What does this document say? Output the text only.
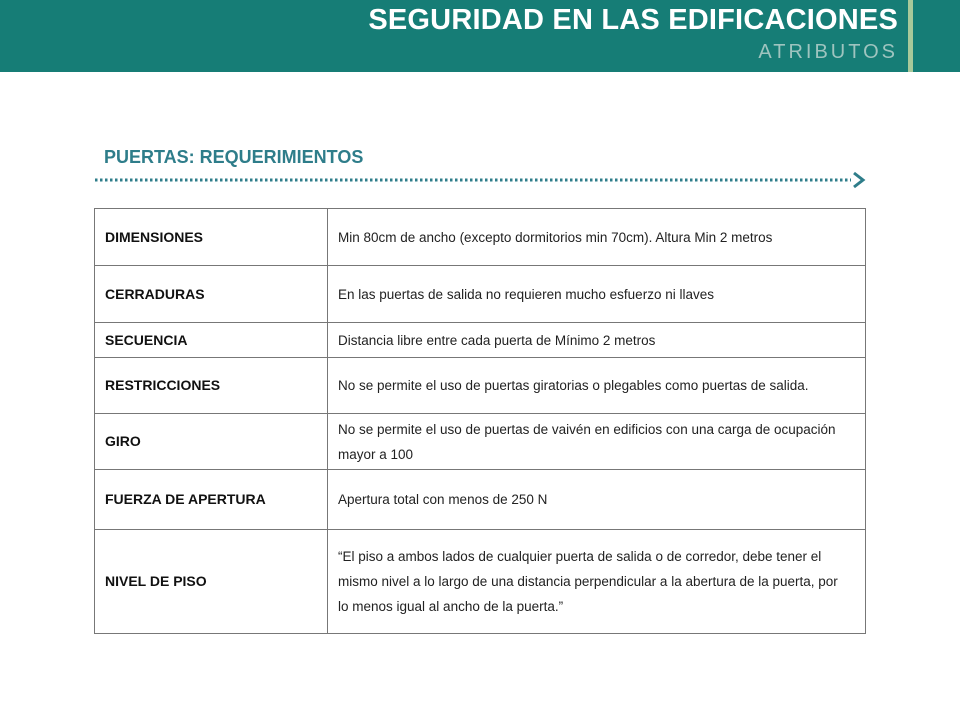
SEGURIDAD EN LAS EDIFICACIONES
ATRIBUTOS
PUERTAS: REQUERIMIENTOS
DIMENSIONES	Min 80cm de ancho (excepto dormitorios min 70cm). Altura Min 2 metros
CERRADURAS	En las puertas de salida no requieren mucho esfuerzo ni llaves
SECUENCIA	Distancia libre entre cada puerta de Mínimo 2 metros
RESTRICCIONES	No se permite el uso de puertas giratorias o plegables como puertas de salida.
GIRO	No se permite el uso de puertas de vaivén en edificios con una carga de ocupación mayor a 100
FUERZA DE APERTURA	Apertura total con menos de 250 N
NIVEL DE PISO	“El piso a ambos lados de cualquier puerta de salida o de corredor, debe tener el mismo nivel a lo largo de una distancia perpendicular a la abertura de la puerta, por lo menos igual al ancho de la puerta.”
